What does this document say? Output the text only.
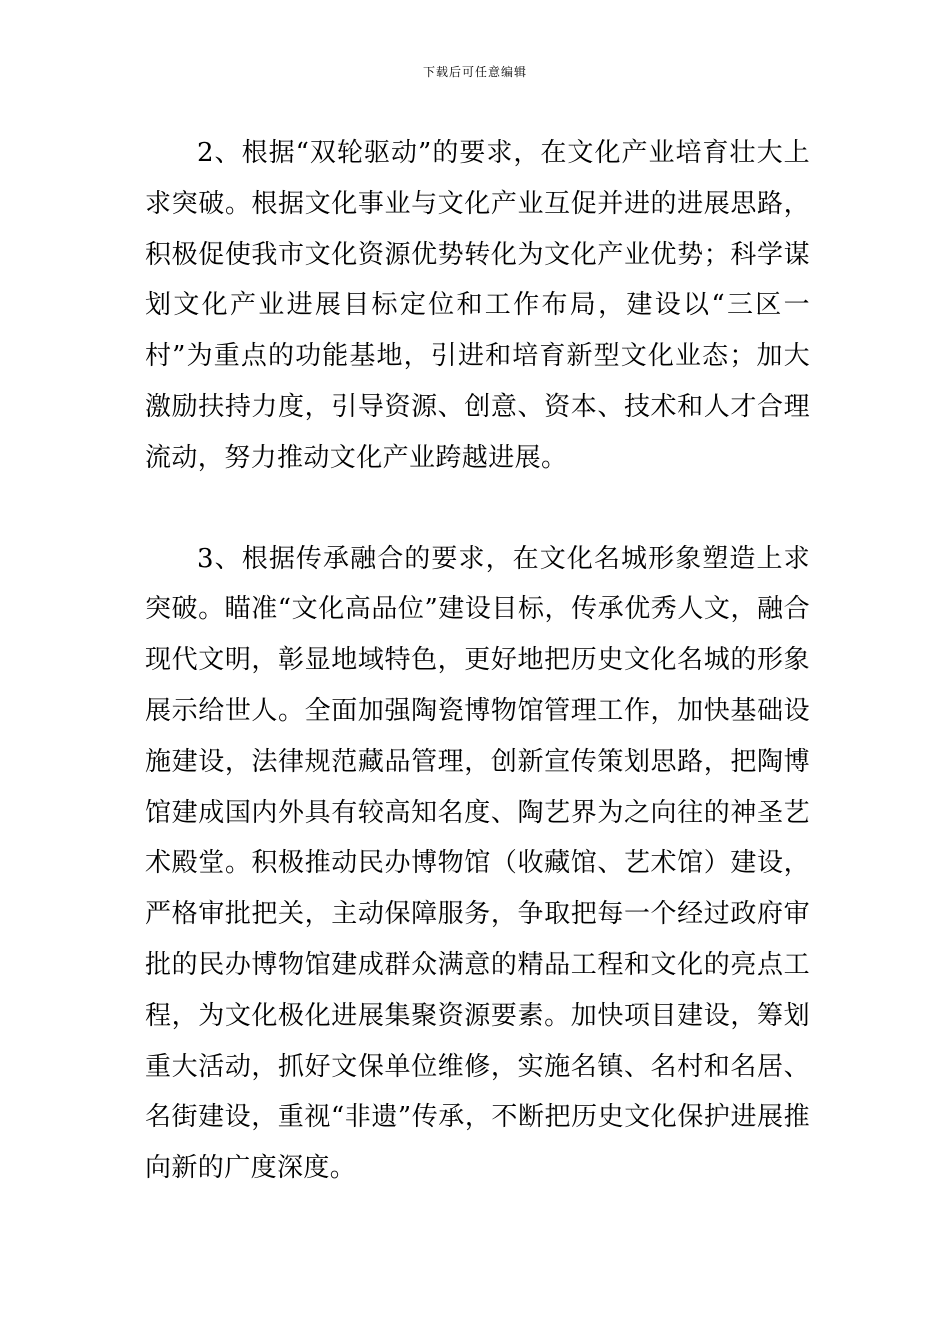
下载后可任意编辑

2、根据“双轮驱动”的要求，在文化产业培育壮大上求突破。根据文化事业与文化产业互促并进的进展思路，积极促使我市文化资源优势转化为文化产业优势；科学谋划文化产业进展目标定位和工作布局，建设以“三区一村”为重点的功能基地，引进和培育新型文化业态；加大激励扶持力度，引导资源、创意、资本、技术和人才合理流动，努力推动文化产业跨越进展。

3、根据传承融合的要求，在文化名城形象塑造上求突破。瞄准“文化高品位”建设目标，传承优秀人文，融合现代文明，彰显地域特色，更好地把历史文化名城的形象展示给世人。全面加强陶瓷博物馆管理工作，加快基础设施建设，法律规范藏品管理，创新宣传策划思路，把陶博馆建成国内外具有较高知名度、陶艺界为之向往的神圣艺术殿堂。积极推动民办博物馆（收藏馆、艺术馆）建设，严格审批把关，主动保障服务，争取把每一个经过政府审批的民办博物馆建成群众满意的精品工程和文化的亮点工程，为文化极化进展集聚资源要素。加快项目建设，筹划重大活动，抓好文保单位维修，实施名镇、名村和名居、名街建设，重视“非遗”传承，不断把历史文化保护进展推向新的广度深度。
